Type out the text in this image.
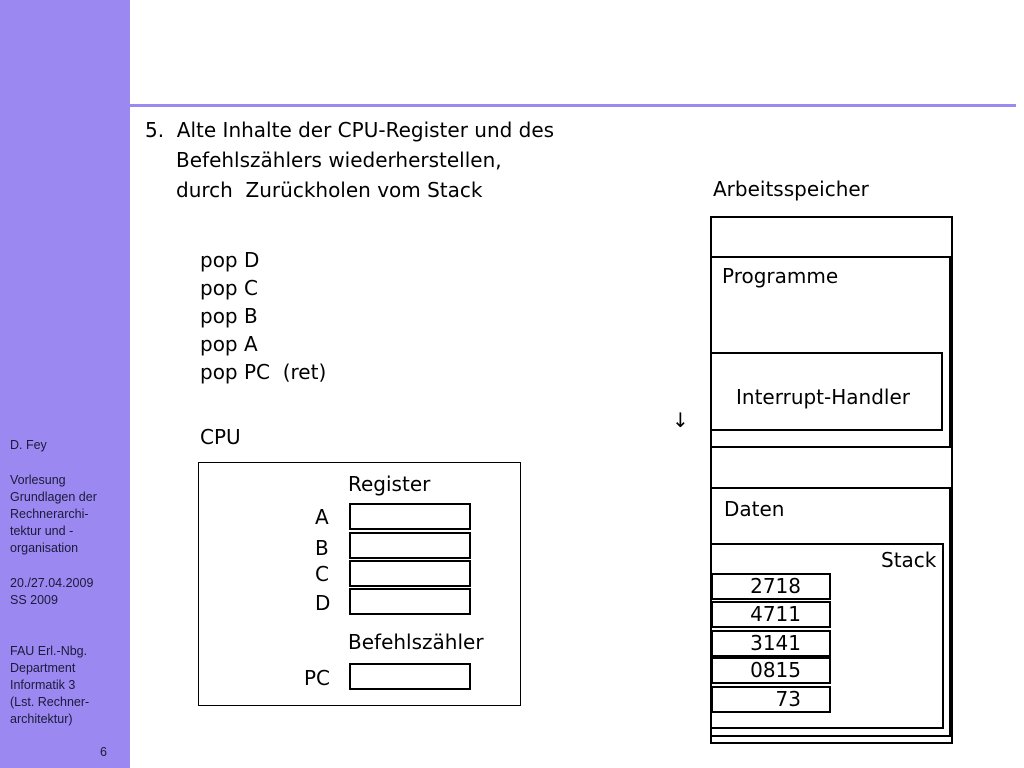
D. Fey
Vorlesung
Grundlagen der
Rechnerarchi-
tektur und -
organisation
20./27.04.2009
SS 2009
FAU Erl.-Nbg.
Department
Informatik 3
(Lst. Rechner-
architektur)
6
5.  Alte Inhalte der CPU-Register und des
Befehlszählers wiederherstellen,
durch  Zurückholen vom Stack
pop D
pop C
pop B
pop A
pop PC  (ret)
CPU
Register
A
B
C
D
Befehlszähler
PC
Arbeitsspeicher
Programme
Interrupt-Handler
↓
Daten
Stack
2718
4711
3141
0815
73
